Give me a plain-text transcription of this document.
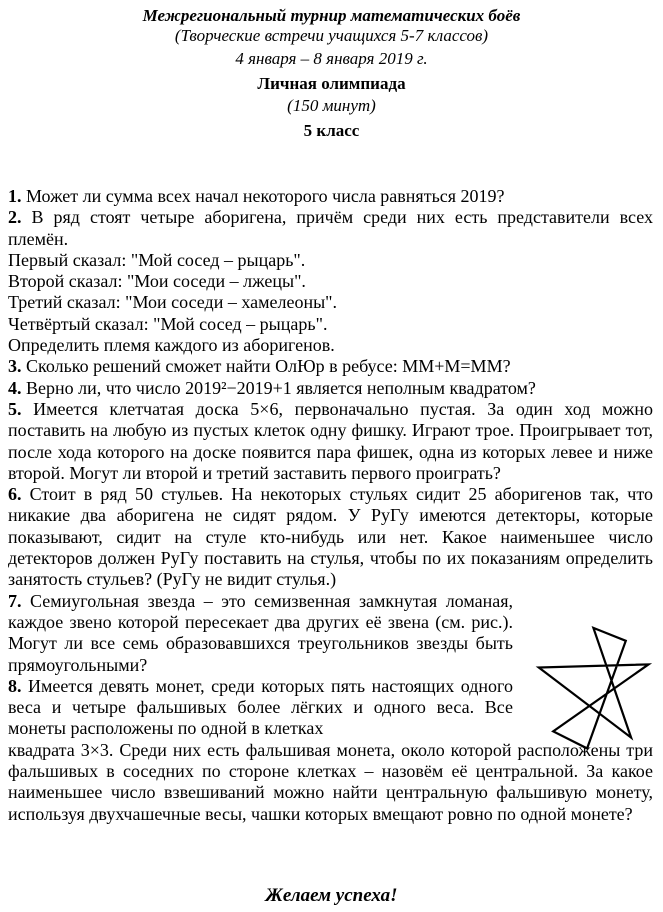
Межрегиональный турнир математических боёв
(Творческие встречи учащихся 5-7 классов)
4 января – 8 января 2019 г.
Личная олимпиада
(150 минут)
5 класс

1. Может ли сумма всех начал некоторого числа равняться 2019?

2. В ряд стоят четыре аборигена, причём среди них есть представители всех племён.

Первый сказал: "Мой сосед – рыцарь".

Второй сказал: "Мои соседи – лжецы".

Третий сказал: "Мои соседи – хамелеоны".

Четвёртый сказал: "Мой сосед – рыцарь".

Определить племя каждого из аборигенов.

3. Сколько решений сможет найти ОлЮр в ребусе: ММ+М=ММ?

4. Верно ли, что число 2019²−2019+1 является неполным квадратом?

5. Имеется клетчатая доска 5×6, первоначально пустая. За один ход можно поставить на любую из пустых клеток одну фишку. Играют трое. Проигрывает тот, после хода которого на доске появится пара фишек, одна из которых левее и ниже второй. Могут ли второй и третий заставить первого проиграть?

6. Стоит в ряд 50 стульев. На некоторых стульях сидит 25 аборигенов так, что никакие два аборигена не сидят рядом. У РуГу имеются детекторы, которые показывают, сидит на стуле кто-нибудь или нет. Какое наименьшее число детекторов должен РуГу поставить на стулья, чтобы по их показаниям определить занятость стульев? (РуГу не видит стулья.)

7. Семиугольная звезда – это семизвенная замкнутая ломаная, каждое звено которой пересекает два других её звена (см. рис.). Могут ли все семь образовавшихся треугольников звезды быть прямоугольными?

8. Имеется девять монет, среди которых пять настоящих одного веса и четыре фальшивых более лёгких и одного веса. Все монеты расположены по одной в клетках

квадрата 3×3. Среди них есть фальшивая монета, около которой расположены три фальшивых в соседних по стороне клетках – назовём её центральной. За какое наименьшее число взвешиваний можно найти центральную фальшивую монету, используя двухчашечные весы, чашки которых вмещают ровно по одной монете?

Желаем успеха!
